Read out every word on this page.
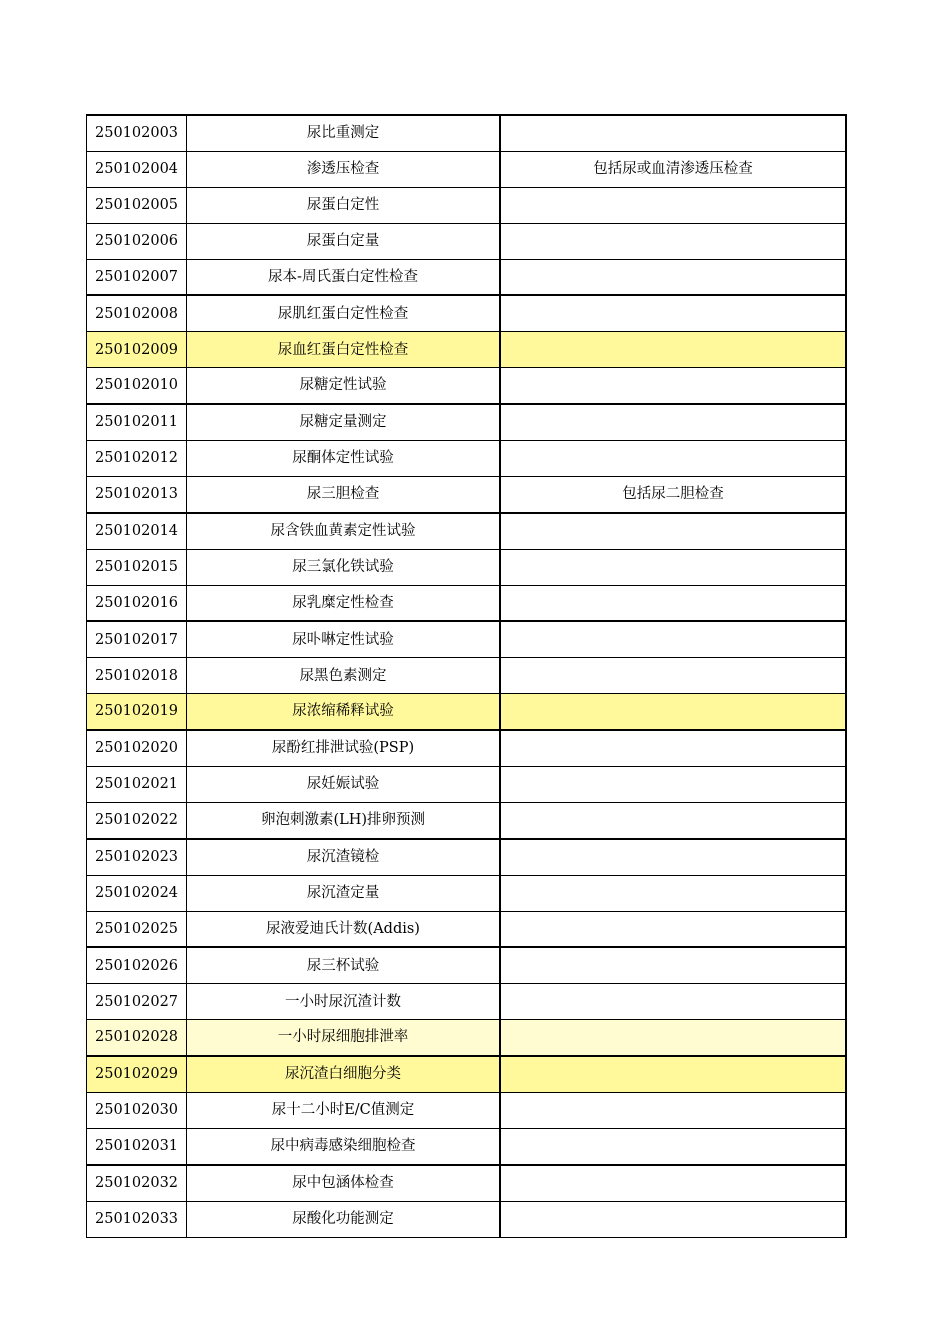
250102003	尿比重测定	
250102004	渗透压检查	包括尿或血清渗透压检查
250102005	尿蛋白定性	
250102006	尿蛋白定量	
250102007	尿本-周氏蛋白定性检查	
250102008	尿肌红蛋白定性检查	
250102009	尿血红蛋白定性检查	
250102010	尿糖定性试验	
250102011	尿糖定量测定	
250102012	尿酮体定性试验	
250102013	尿三胆检查	包括尿二胆检查
250102014	尿含铁血黄素定性试验	
250102015	尿三氯化铁试验	
250102016	尿乳糜定性检查	
250102017	尿卟啉定性试验	
250102018	尿黑色素测定	
250102019	尿浓缩稀释试验	
250102020	尿酚红排泄试验(PSP)	
250102021	尿妊娠试验	
250102022	卵泡刺激素(LH)排卵预测	
250102023	尿沉渣镜检	
250102024	尿沉渣定量	
250102025	尿液爱迪氏计数(Addis)	
250102026	尿三杯试验	
250102027	一小时尿沉渣计数	
250102028	一小时尿细胞排泄率	
250102029	尿沉渣白细胞分类	
250102030	尿十二小时E/C值测定	
250102031	尿中病毒感染细胞检查	
250102032	尿中包涵体检查	
250102033	尿酸化功能测定	
